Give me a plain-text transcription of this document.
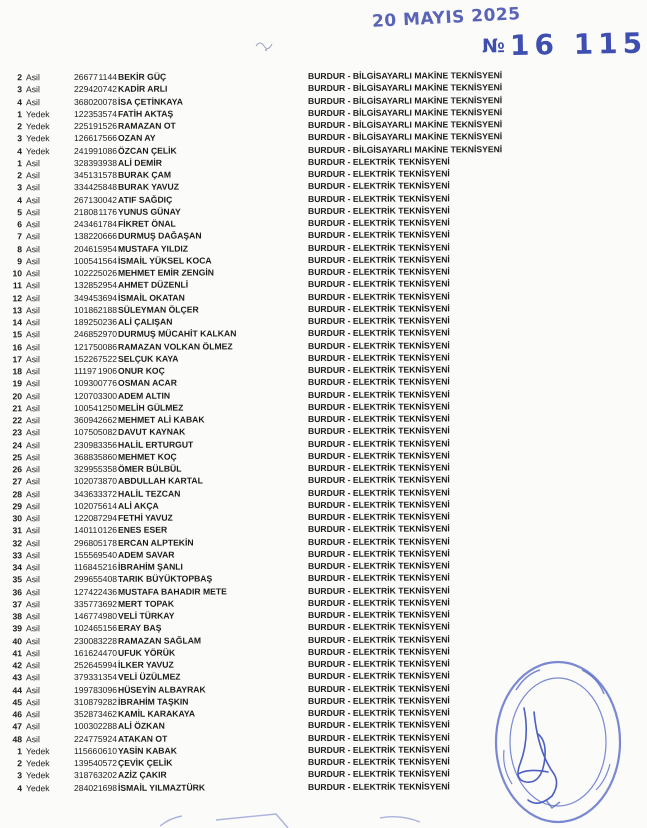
20 MAYIS 2025
№ 16 115
2 Asil	26677 1144 BEKİR GÜÇ	BURDUR - BİLGİSAYARLI MAKİNE TEKNİSYENİ
3 Asil	22942 0742 KADİR ARLI	BURDUR - BİLGİSAYARLI MAKİNE TEKNİSYENİ
4 Asil	36802 0078 İSA ÇETİNKAYA	BURDUR - BİLGİSAYARLI MAKİNE TEKNİSYENİ
1 Yedek	12235 3574 FATİH AKTAŞ	BURDUR - BİLGİSAYARLI MAKİNE TEKNİSYENİ
2 Yedek	22519 1526 RAMAZAN OT	BURDUR - BİLGİSAYARLI MAKİNE TEKNİSYENİ
3 Yedek	12661 7566 OZAN AY	BURDUR - BİLGİSAYARLI MAKİNE TEKNİSYENİ
4 Yedek	24199 1086 ÖZCAN ÇELİK	BURDUR - BİLGİSAYARLI MAKİNE TEKNİSYENİ
1 Asil	32839 3938 ALİ DEMİR	BURDUR - ELEKTRİK TEKNİSYENİ
2 Asil	34513 1578 BURAK ÇAM	BURDUR - ELEKTRİK TEKNİSYENİ
3 Asil	33442 5848 BURAK YAVUZ	BURDUR - ELEKTRİK TEKNİSYENİ
4 Asil	26713 0042 ATIF SAĞDIÇ	BURDUR - ELEKTRİK TEKNİSYENİ
5 Asil	21808 1176 YUNUS GÜNAY	BURDUR - ELEKTRİK TEKNİSYENİ
6 Asil	24346 1784 FİKRET ÖNAL	BURDUR - ELEKTRİK TEKNİSYENİ
7 Asil	13822 0666 DURMUŞ DAĞAŞAN	BURDUR - ELEKTRİK TEKNİSYENİ
8 Asil	20461 5954 MUSTAFA YILDIZ	BURDUR - ELEKTRİK TEKNİSYENİ
9 Asil	10054 1564 İSMAİL YÜKSEL KOCA	BURDUR - ELEKTRİK TEKNİSYENİ
10 Asil	10222 5026 MEHMET EMİR ZENGİN	BURDUR - ELEKTRİK TEKNİSYENİ
11 Asil	13285 2954 AHMET DÜZENLİ	BURDUR - ELEKTRİK TEKNİSYENİ
12 Asil	34945 3694 İSMAİL OKATAN	BURDUR - ELEKTRİK TEKNİSYENİ
13 Asil	10186 2188 SÜLEYMAN ÖLÇER	BURDUR - ELEKTRİK TEKNİSYENİ
14 Asil	18925 0236 ALİ ÇALIŞAN	BURDUR - ELEKTRİK TEKNİSYENİ
15 Asil	24685 2970 DURMUŞ MÜCAHİT KALKAN	BURDUR - ELEKTRİK TEKNİSYENİ
16 Asil	12175 0086 RAMAZAN VOLKAN ÖLMEZ	BURDUR - ELEKTRİK TEKNİSYENİ
17 Asil	15226 7522 SELÇUK KAYA	BURDUR - ELEKTRİK TEKNİSYENİ
18 Asil	11197 1906 ONUR KOÇ	BURDUR - ELEKTRİK TEKNİSYENİ
19 Asil	10930 0776 OSMAN ACAR	BURDUR - ELEKTRİK TEKNİSYENİ
20 Asil	12070 3300 ADEM ALTIN	BURDUR - ELEKTRİK TEKNİSYENİ
21 Asil	10054 1250 MELİH GÜLMEZ	BURDUR - ELEKTRİK TEKNİSYENİ
22 Asil	36094 2662 MEHMET ALİ KABAK	BURDUR - ELEKTRİK TEKNİSYENİ
23 Asil	10750 5082 DAVUT KAYNAK	BURDUR - ELEKTRİK TEKNİSYENİ
24 Asil	23098 3356 HALİL ERTURGUT	BURDUR - ELEKTRİK TEKNİSYENİ
25 Asil	36883 5860 MEHMET KOÇ	BURDUR - ELEKTRİK TEKNİSYENİ
26 Asil	32995 5358 ÖMER BÜLBÜL	BURDUR - ELEKTRİK TEKNİSYENİ
27 Asil	10207 3870 ABDULLAH KARTAL	BURDUR - ELEKTRİK TEKNİSYENİ
28 Asil	34363 3372 HALİL TEZCAN	BURDUR - ELEKTRİK TEKNİSYENİ
29 Asil	10207 5614 ALİ AKÇA	BURDUR - ELEKTRİK TEKNİSYENİ
30 Asil	12208 7294 FETHİ YAVUZ	BURDUR - ELEKTRİK TEKNİSYENİ
31 Asil	14011 0126 ENES ESER	BURDUR - ELEKTRİK TEKNİSYENİ
32 Asil	29680 5178 ERCAN ALPTEKİN	BURDUR - ELEKTRİK TEKNİSYENİ
33 Asil	15556 9540 ADEM SAVAR	BURDUR - ELEKTRİK TEKNİSYENİ
34 Asil	11684 5216 İBRAHİM ŞANLI	BURDUR - ELEKTRİK TEKNİSYENİ
35 Asil	29965 5408 TARIK BÜYÜKTOPBAŞ	BURDUR - ELEKTRİK TEKNİSYENİ
36 Asil	12742 2436 MUSTAFA BAHADIR METE	BURDUR - ELEKTRİK TEKNİSYENİ
37 Asil	33577 3692 MERT TOPAK	BURDUR - ELEKTRİK TEKNİSYENİ
38 Asil	14677 4980 VELİ TÜRKAY	BURDUR - ELEKTRİK TEKNİSYENİ
39 Asil	10246 5156 ERAY BAŞ	BURDUR - ELEKTRİK TEKNİSYENİ
40 Asil	23008 3228 RAMAZAN SAĞLAM	BURDUR - ELEKTRİK TEKNİSYENİ
41 Asil	16162 4470 UFUK YÖRÜK	BURDUR - ELEKTRİK TEKNİSYENİ
42 Asil	25264 5994 İLKER YAVUZ	BURDUR - ELEKTRİK TEKNİSYENİ
43 Asil	37933 1354 VELİ ÜZÜLMEZ	BURDUR - ELEKTRİK TEKNİSYENİ
44 Asil	19978 3096 HÜSEYİN ALBAYRAK	BURDUR - ELEKTRİK TEKNİSYENİ
45 Asil	31087 9282 İBRAHİM TAŞKIN	BURDUR - ELEKTRİK TEKNİSYENİ
46 Asil	35287 3462 KAMİL KARAKAYA	BURDUR - ELEKTRİK TEKNİSYENİ
47 Asil	10030 2288 ALİ ÖZKAN	BURDUR - ELEKTRİK TEKNİSYENİ
48 Asil	22477 5924 ATAKAN OT	BURDUR - ELEKTRİK TEKNİSYENİ
1 Yedek	11566 0610 YASİN KABAK	BURDUR - ELEKTRİK TEKNİSYENİ
2 Yedek	13954 0572 ÇEVİK ÇELİK	BURDUR - ELEKTRİK TEKNİSYENİ
3 Yedek	31876 3202 AZİZ ÇAKIR	BURDUR - ELEKTRİK TEKNİSYENİ
4 Yedek	28402 1698 İSMAİL YILMAZTÜRK	BURDUR - ELEKTRİK TEKNİSYENİ
